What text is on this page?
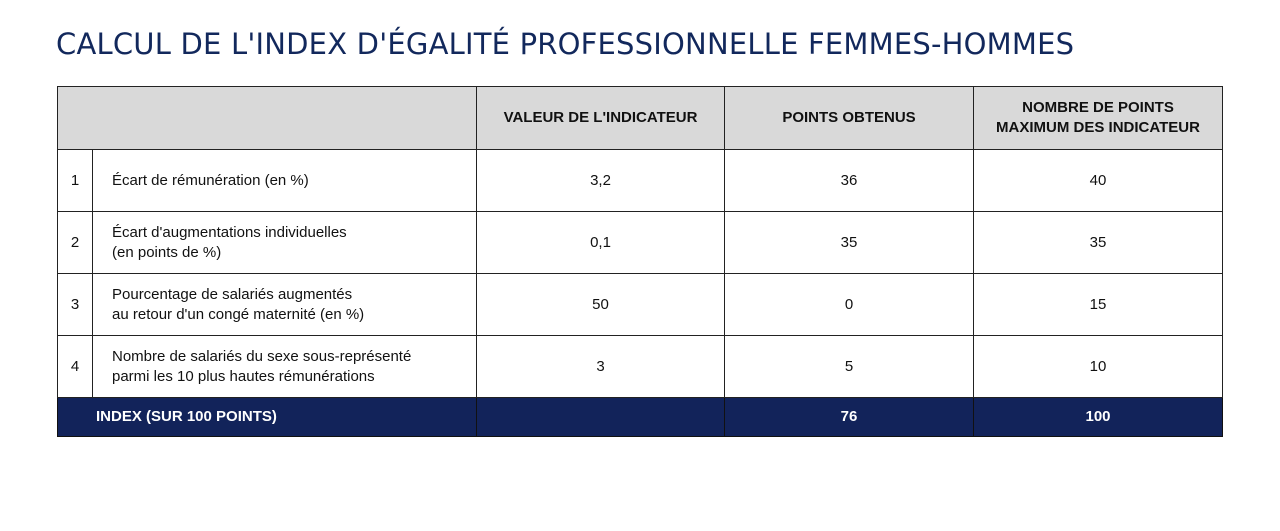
CALCUL DE L'INDEX D'ÉGALITÉ PROFESSIONNELLE FEMMES-HOMMES
		VALEUR DE L'INDICATEUR	POINTS OBTENUS	NOMBRE DE POINTS
MAXIMUM DES INDICATEUR

1	Écart de rémunération (en %)	3,2	36	40
2	Écart d'augmentations individuelles
(en points de %)	0,1	35	35
3	Pourcentage de salariés augmentés
au retour d'un congé maternité (en %)	50	0	15
4	Nombre de salariés du sexe sous-représenté
parmi les 10 plus hautes rémunérations	3	5	10
INDEX (SUR 100 POINTS)			76	100
